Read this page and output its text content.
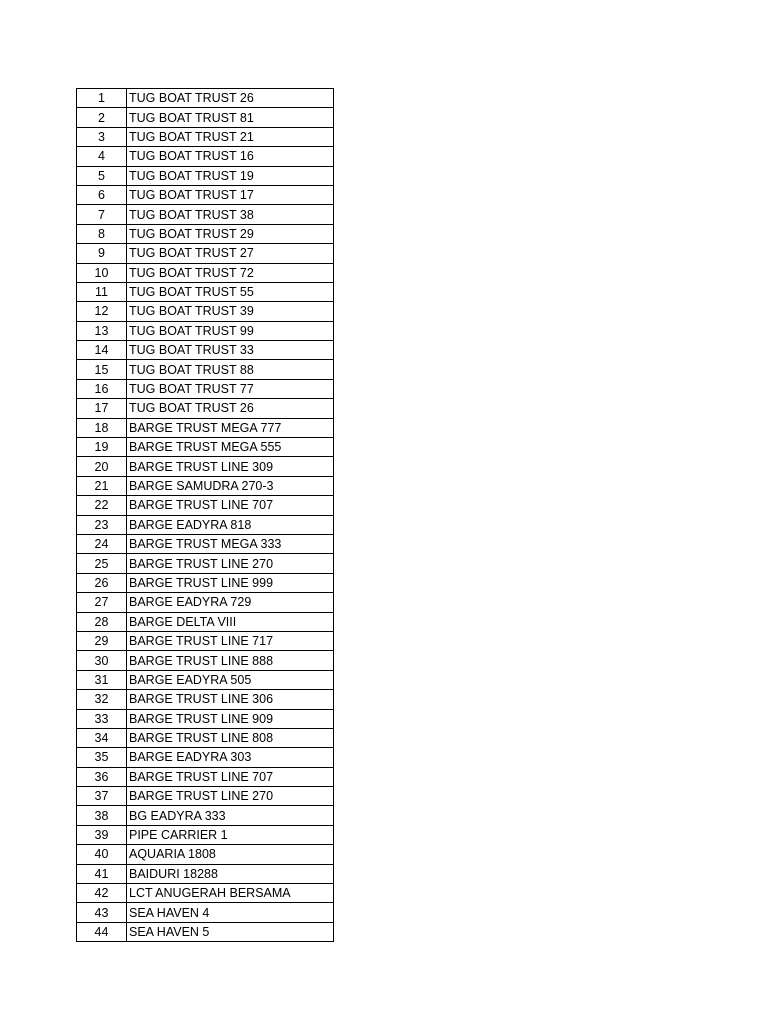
1	TUG BOAT TRUST 26
2	TUG BOAT TRUST 81
3	TUG BOAT TRUST 21
4	TUG BOAT TRUST 16
5	TUG BOAT TRUST 19
6	TUG BOAT TRUST 17
7	TUG BOAT TRUST 38
8	TUG BOAT TRUST 29
9	TUG BOAT TRUST 27
10	TUG BOAT TRUST 72
11	TUG BOAT TRUST 55
12	TUG BOAT TRUST 39
13	TUG BOAT TRUST 99
14	TUG BOAT TRUST 33
15	TUG BOAT TRUST 88
16	TUG BOAT TRUST 77
17	TUG BOAT TRUST 26
18	BARGE TRUST MEGA 777
19	BARGE TRUST MEGA 555
20	BARGE TRUST LINE 309
21	BARGE SAMUDRA 270-3
22	BARGE TRUST LINE 707
23	BARGE EADYRA 818
24	BARGE TRUST MEGA 333
25	BARGE TRUST LINE 270
26	BARGE TRUST LINE 999
27	BARGE EADYRA 729
28	BARGE DELTA VIII
29	BARGE TRUST LINE 717
30	BARGE TRUST LINE 888
31	BARGE EADYRA 505
32	BARGE TRUST LINE 306
33	BARGE TRUST LINE 909
34	BARGE TRUST LINE 808
35	BARGE EADYRA 303
36	BARGE TRUST LINE 707
37	BARGE TRUST LINE 270
38	BG EADYRA 333
39	PIPE CARRIER 1
40	AQUARIA 1808
41	BAIDURI 18288
42	LCT ANUGERAH BERSAMA
43	SEA HAVEN 4
44	SEA HAVEN 5
